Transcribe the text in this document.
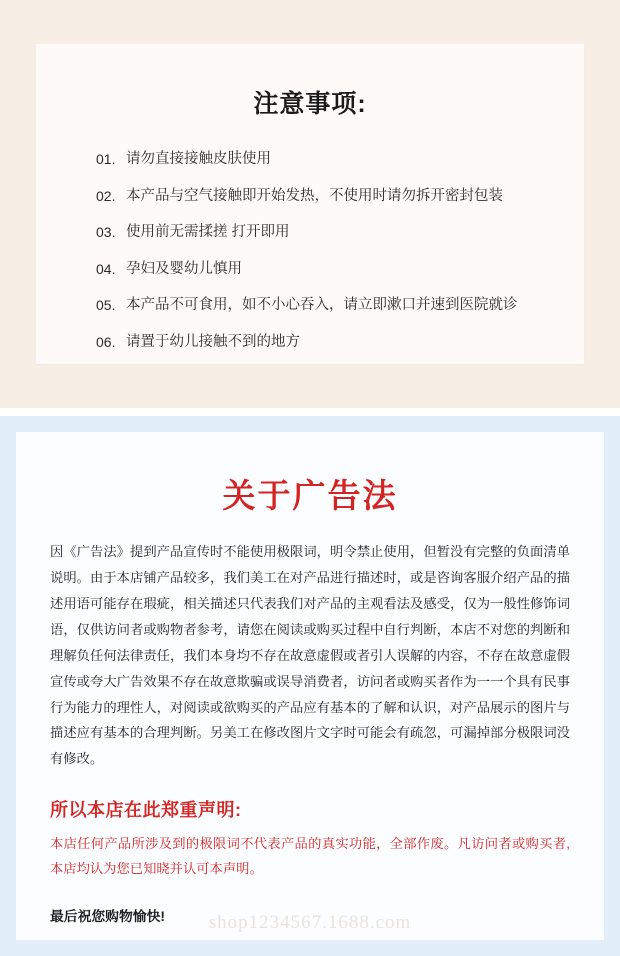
注意事项:
01. 请勿直接接触皮肤使用
02. 本产品与空气接触即开始发热，不使用时请勿拆开密封包装
03. 使用前无需揉搓 打开即用
04. 孕妇及婴幼儿慎用
05. 本产品不可食用，如不小心吞入，请立即漱口并速到医院就诊
06. 请置于幼儿接触不到的地方
关于广告法

因《广告法》提到产品宣传时不能使用极限词，明令禁止使用，但暂没有完整的负面清单说明。由于本店铺产品较多，我们美工在对产品进行描述时，或是咨询客服介绍产品的描述用语可能存在瑕疵，相关描述只代表我们对产品的主观看法及感受，仅为一般性修饰词语，仅供访问者或购物者参考，请您在阅读或购买过程中自行判断，本店不对您的判断和理解负任何法律责任，我们本身均不存在故意虚假或者引人误解的内容，不存在故意虚假宣传或夸大广告效果不存在故意欺骗或误导消费者，访问者或购买者作为一一个具有民事行为能力的理性人，对阅读或欲购买的产品应有基本的了解和认识，对产品展示的图片与描述应有基本的合理判断。另美工在修改图片文字时可能会有疏忽，可漏掉部分极限词没有修改。

所以本店在此郑重声明:

本店任何产品所涉及到的极限词不代表产品的真实功能，全部作废。凡访问者或购买者,本店均认为您已知晓并认可本声明。

最后祝您购物愉快!	shop1234567.1688.com
